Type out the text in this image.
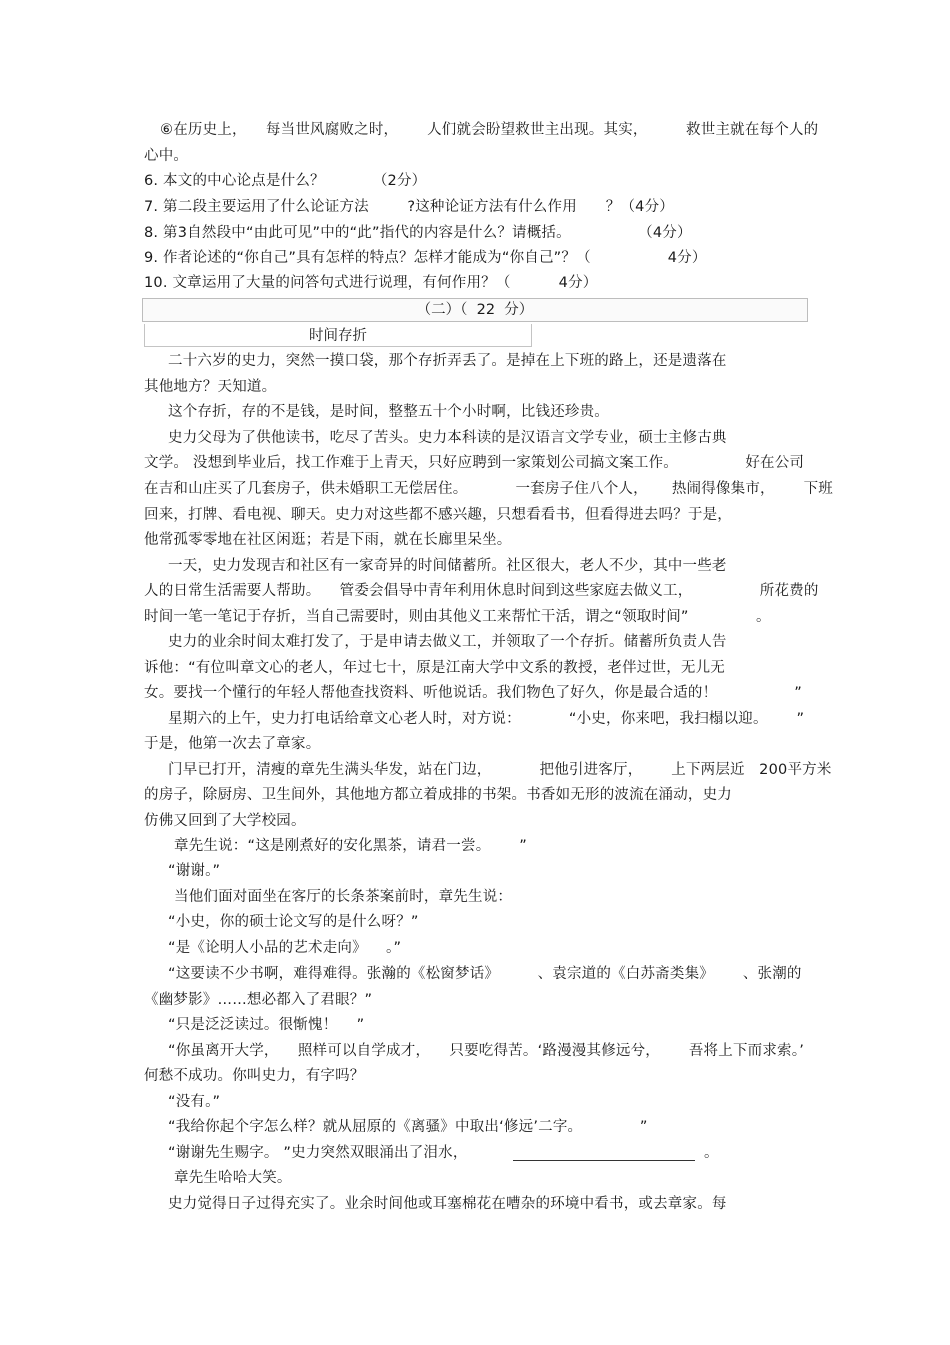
⑥在历史上，    每当世风腐败之时，      人们就会盼望救世主出现。其实，        救世主就在每个人的
心中。
6. 本文的中心论点是什么？          （2分）
7. 第二段主要运用了什么论证方法        ?这种论证方法有什么作用      ？（4分）
8. 第3自然段中“由此可见”中的“此”指代的内容是什么？请概括。              （4分）
9. 作者论述的“你自己”具有怎样的特点？怎样才能成为“你自己”？（                4分）
10. 文章运用了大量的问答句式进行说理，有何作用？（          4分）
（二）（  22  分）
时间存折
二十六岁的史力，突然一摸口袋，那个存折弄丢了。是掉在上下班的路上，还是遗落在
其他地方？天知道。
这个存折，存的不是钱，是时间，整整五十个小时啊，比钱还珍贵。
史力父母为了供他读书，吃尽了苦头。史力本科读的是汉语言文学专业，硕士主修古典
文学。 没想到毕业后，找工作难于上青天，只好应聘到一家策划公司搞文案工作。              好在公司
在吉和山庄买了几套房子，供未婚职工无偿居住。          一套房子住八个人，     热闹得像集市，      下班
回来，打牌、看电视、聊天。史力对这些都不感兴趣，只想看看书，但看得进去吗？于是，
他常孤零零地在社区闲逛；若是下雨，就在长廊里呆坐。
一天，史力发现吉和社区有一家奇异的时间储蓄所。社区很大，老人不少，其中一些老
人的日常生活需要人帮助。    管委会倡导中青年利用休息时间到这些家庭去做义工，              所花费的
时间一笔一笔记于存折，当自己需要时，则由其他义工来帮忙干活，谓之“领取时间”              。
史力的业余时间太难打发了，于是申请去做义工，并领取了一个存折。储蓄所负责人告
诉他：“有位叫章文心的老人，年过七十，原是江南大学中文系的教授，老伴过世，无儿无
女。要找一个懂行的年轻人帮他查找资料、听他说话。我们物色了好久，你是最合适的！                ”
星期六的上午，史力打电话给章文心老人时，对方说：          “小史，你来吧，我扫榻以迎。      ”
于是，他第一次去了章家。
门早已打开，清瘦的章先生满头华发，站在门边，          把他引进客厅，      上下两层近   200平方米
的房子，除厨房、卫生间外，其他地方都立着成排的书架。书香如无形的波流在涌动，史力
仿佛又回到了大学校园。
章先生说：“这是刚煮好的安化黑茶，请君一尝。      ”
“谢谢。”
当他们面对面坐在客厅的长条茶案前时，章先生说：
“小史，你的硕士论文写的是什么呀？”
“是《论明人小品的艺术走向》    。”
“这要读不少书啊，难得难得。张瀚的《松窗梦话》        、袁宗道的《白苏斋类集》      、张潮的
《幽梦影》……想必都入了君眼？”
“只是泛泛读过。很惭愧！    ”
“你虽离开大学，    照样可以自学成才，    只要吃得苦。‘路漫漫其修远兮，      吾将上下而求索。’
何愁不成功。你叫史力，有字吗？
“没有。”
“我给你起个字怎么样？就从屈原的《离骚》中取出‘修远’二字。            ”
“谢谢先生赐字。 ”史力突然双眼涌出了泪水，	。
章先生哈哈大笑。
史力觉得日子过得充实了。业余时间他或耳塞棉花在嘈杂的环境中看书，或去章家。每
